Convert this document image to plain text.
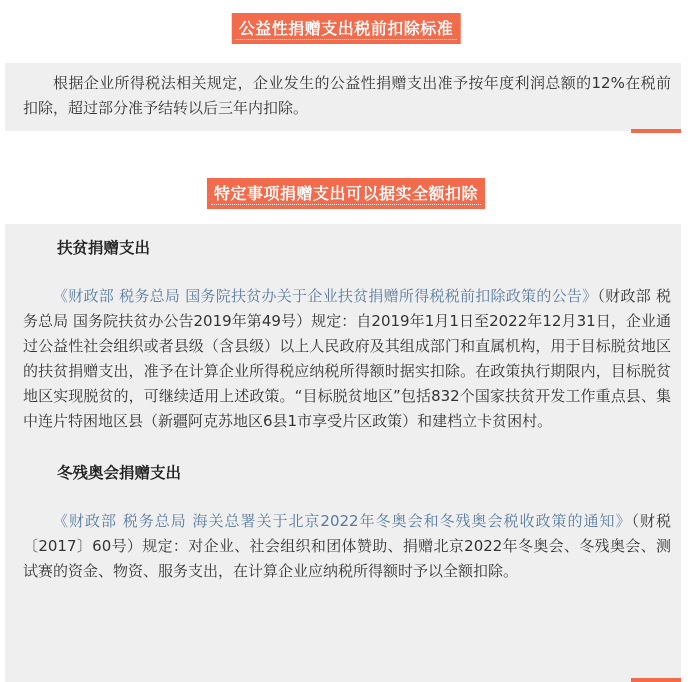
公益性捐赠支出税前扣除标准

根据企业所得税法相关规定，企业发生的公益性捐赠支出准予按年度利润总额的12%在税前扣除，超过部分准予结转以后三年内扣除。

特定事项捐赠支出可以据实全额扣除

扶贫捐赠支出

《财政部 税务总局 国务院扶贫办关于企业扶贫捐赠所得税税前扣除政策的公告》（财政部 税务总局 国务院扶贫办公告2019年第49号）规定：自2019年1月1日至2022年12月31日，企业通过公益性社会组织或者县级（含县级）以上人民政府及其组成部门和直属机构，用于目标脱贫地区的扶贫捐赠支出，准予在计算企业所得税应纳税所得额时据实扣除。在政策执行期限内，目标脱贫地区实现脱贫的，可继续适用上述政策。“目标脱贫地区”包括832个国家扶贫开发工作重点县、集中连片特困地区县（新疆阿克苏地区6县1市享受片区政策）和建档立卡贫困村。

冬残奥会捐赠支出

《财政部 税务总局 海关总署关于北京2022年冬奥会和冬残奥会税收政策的通知》（财税〔2017〕60号）规定：对企业、社会组织和团体赞助、捐赠北京2022年冬奥会、冬残奥会、测试赛的资金、物资、服务支出，在计算企业应纳税所得额时予以全额扣除。
